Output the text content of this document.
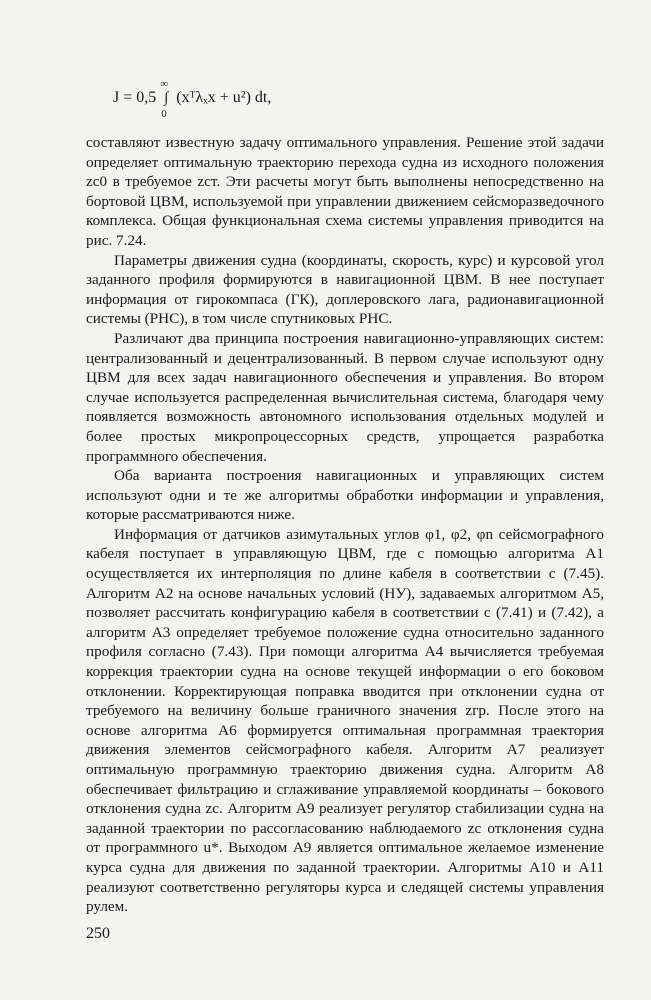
J = 0,5 ∫
∞
0
(xᵀλₓx + u²) dt,

составляют известную задачу оптимального управления. Решение этой задачи определяет оптимальную траекторию перехода судна из исходного положения zс0 в требуемое zст. Эти расчеты могут быть выполнены непосредственно на бортовой ЦВМ, используемой при управлении движением сейсморазведочного комплекса. Общая функциональная схема системы управления приводится на рис. 7.24.

Параметры движения судна (координаты, скорость, курс) и курсовой угол заданного профиля формируются в навигационной ЦВМ. В нее поступает информация от гирокомпаса (ГК), доплеровского лага, радионавигационной системы (РНС), в том числе спутниковых РНС.

Различают два принципа построения навигационно-управляющих систем: централизованный и децентрализованный. В первом случае используют одну ЦВМ для всех задач навигационного обеспечения и управления. Во втором случае используется распределенная вычислительная система, благодаря чему появляется возможность автономного использования отдельных модулей и более простых микропроцессорных средств, упрощается разработка программного обеспечения.

Оба варианта построения навигационных и управляющих систем используют одни и те же алгоритмы обработки информации и управления, которые рассматриваются ниже.

Информация от датчиков азимутальных углов φ1, φ2, φn сейсмографного кабеля поступает в управляющую ЦВМ, где с помощью алгоритма А1 осуществляется их интерполяция по длине кабеля в соответствии с (7.45). Алгоритм А2 на основе начальных условий (НУ), задаваемых алгоритмом А5, позволяет рассчитать конфигурацию кабеля в соответствии с (7.41) и (7.42), а алгоритм А3 определяет требуемое положение судна относительно заданного профиля согласно (7.43). При помощи алгоритма А4 вычисляется требуемая коррекция траектории судна на основе текущей информации о его боковом отклонении. Корректирующая поправка вводится при отклонении судна от требуемого на величину больше граничного значения zгр. После этого на основе алгоритма А6 формируется оптимальная программная траектория движения элементов сейсмографного кабеля. Алгоритм А7 реализует оптимальную программную траекторию движения судна. Алгоритм А8 обеспечивает фильтрацию и сглаживание управляемой координаты – бокового отклонения судна zс. Алгоритм А9 реализует регулятор стабилизации судна на заданной траектории по рассогласованию наблюдаемого zс отклонения судна от программного u*. Выходом А9 является оптимальное желаемое изменение курса судна для движения по заданной траектории. Алгоритмы А10 и А11 реализуют соответственно регуляторы курса и следящей системы управления рулем.

250
